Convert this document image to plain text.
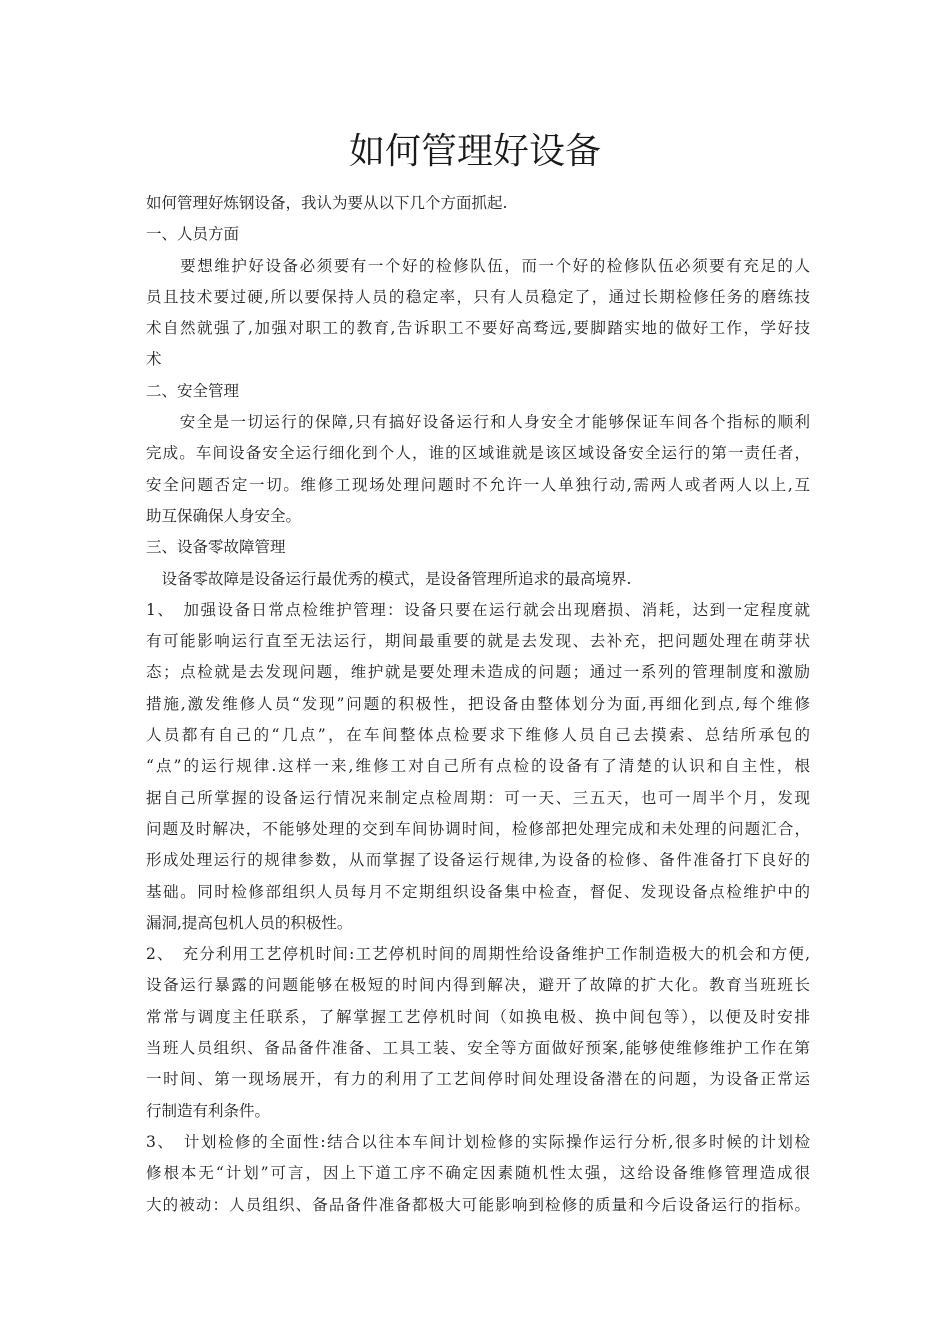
如何管理好设备
如何管理好炼钢设备，我认为要从以下几个方面抓起.
一、人员方面
　　要想维护好设备必须要有一个好的检修队伍，而一个好的检修队伍必须要有充足的人
员且技术要过硬,所以要保持人员的稳定率，只有人员稳定了，通过长期检修任务的磨练技
术自然就强了,加强对职工的教育,告诉职工不要好高骛远,要脚踏实地的做好工作，学好技
术
二、安全管理
　　安全是一切运行的保障,只有搞好设备运行和人身安全才能够保证车间各个指标的顺利
完成。车间设备安全运行细化到个人，谁的区域谁就是该区域设备安全运行的第一责任者，
安全问题否定一切。维修工现场处理问题时不允许一人单独行动,需两人或者两人以上,互
助互保确保人身安全。
三、设备零故障管理
　设备零故障是设备运行最优秀的模式，是设备管理所追求的最高境界.
1、　加强设备日常点检维护管理：设备只要在运行就会出现磨损、消耗，达到一定程度就
有可能影响运行直至无法运行，期间最重要的就是去发现、去补充，把问题处理在萌芽状
态；点检就是去发现问题，维护就是要处理未造成的问题；通过一系列的管理制度和激励
措施,激发维修人员“发现”问题的积极性，把设备由整体划分为面,再细化到点,每个维修
人员都有自己的“几点”，在车间整体点检要求下维修人员自己去摸索、总结所承包的
“点”的运行规律.这样一来,维修工对自己所有点检的设备有了清楚的认识和自主性，根
据自己所掌握的设备运行情况来制定点检周期：可一天、三五天，也可一周半个月，发现
问题及时解决，不能够处理的交到车间协调时间，检修部把处理完成和未处理的问题汇合，
形成处理运行的规律参数，从而掌握了设备运行规律,为设备的检修、备件准备打下良好的
基础。同时检修部组织人员每月不定期组织设备集中检查，督促、发现设备点检维护中的
漏洞,提高包机人员的积极性。
2、　充分利用工艺停机时间:工艺停机时间的周期性给设备维护工作制造极大的机会和方便,
设备运行暴露的问题能够在极短的时间内得到解决，避开了故障的扩大化。教育当班班长
常常与调度主任联系，了解掌握工艺停机时间（如换电极、换中间包等），以便及时安排
当班人员组织、备品备件准备、工具工装、安全等方面做好预案,能够使维修维护工作在第
一时间、第一现场展开，有力的利用了工艺间停时间处理设备潜在的问题，为设备正常运
行制造有利条件。
3、　计划检修的全面性:结合以往本车间计划检修的实际操作运行分析,很多时候的计划检
修根本无“计划”可言，因上下道工序不确定因素随机性太强，这给设备维修管理造成很
大的被动：人员组织、备品备件准备都极大可能影响到检修的质量和今后设备运行的指标。
